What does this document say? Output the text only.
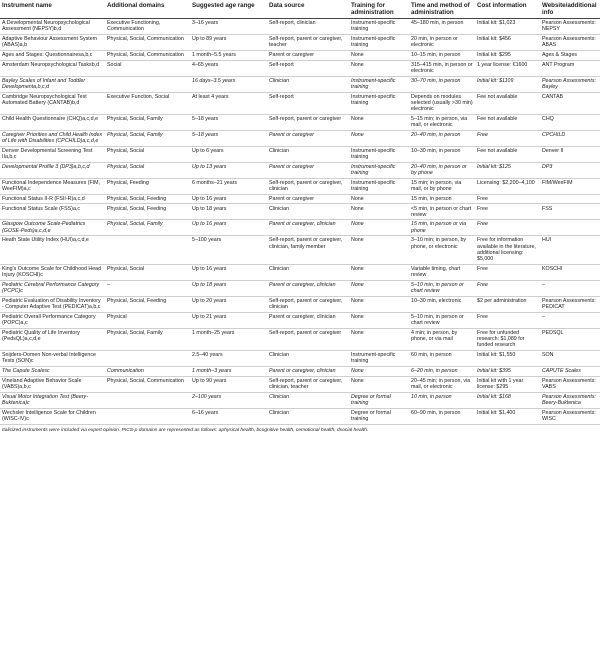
Instrument name	Additional domains	Suggested age range	Data source	Training for administration	Time and method of administration	Cost information	Website/additional info
A Developmental Neuropsychological Assessment (NEPSY)b,d	Executive Functioning, Communication	3–16 years	Self-report, clinician	Instrument-specific training	45–180 min, in person	Initial kit: $1,023	Pearson Assessments: NEPSY
Adaptive Behaviour Assessment System (ABAS)a,b	Physical, Social, Communication	Up to 89 years	Self-report, parent or caregiver, teacher	Instrument-specific training	20 min, in person or electronic	Initial kit: $456	Pearson Assessments: ABAS
Ages and Stages: Questionnairesa,b,c	Physical, Social, Communication	1 month–5.5 years	Parent or caregiver	None	10–15 min, in person	Initial kit: $295	Ages & Stages
Amsterdam Neuropsychological Tasksb,d	Social	4–65 years	Self-report	None	315–415 min, in person or electronic	1 year license: €1600	ANT Program
Bayley Scales of Infant and Toddler Developmenta,b,c,d		16 days–3.5 years	Clinician	Instrument-specific training	30–70 min, in person	Initial kit: $1109	Pearson Assessments: Bayley
Cambridge Neuropsychological Test Automated Battery (CANTAB)b,d	Executive Function, Social	At least 4 years	Self-report	Instrument-specific training	Depends on modules selected (usually >30 min) electronic	Fee not available	CANTAB
Child Health Questionnaire (CHQ)a,c,d,e	Physical, Social, Family	5–18 years	Self-report, parent or caregiver	None	5–15 min; in person, via mail, or electronic	Fee not available	CHQ
Caregiver Priorities and Child Health Index of Life with Disabilities (CPCHILD)a,c,d,e	Physical, Social, Family	5–18 years	Parent or caregiver	None	20–40 min, in person	Free	CPCHILD
Denver Developmental Screening Test IIa,b,c	Physical, Social	Up to 6 years	Clinician	Instrument-specific training	10–30 min, in person	Fee not available	Denver II
Developmental Profile 3 (DP3)a,b,c,d	Physical, Social	Up to 13 years	Parent or caregiver	Instrument-specific training	20–40 min, in person or by phone	Initial kit: $125	DP3
Functional Independence Measures (FIM, WeeFIM)a,c	Physical, Feeding	6 months–21 years	Self-report, parent or caregiver, clinician	Instrument-specific training	15 min; in person, via mail, or by phone	Licensing: $2,200–4,100	FIM/WeeFIM
Functional Status II-R (FSII-R)a,c,d	Physical, Social, Feeding	Up to 16 years	Parent or caregiver	None	15 min, in person	Free	
Functional Status Scale (FSS)a,c	Physical, Social, Feeding	Up to 18 years	Clinician	None	<5 min, in person or chart review	Free	FSS
Glasgow Outcome Scale-Pediatrics (GOSE-Peds)a,c,d,e	Physical, Social, Family	Up to 16 years	Parent or caregiver, clinician	None	15 min, in person or via phone	Free	
Heath State Utility Index (HUI)a,c,d,e		5–100 years	Self-report, parent or caregiver, clinician, family member	None	3–10 min; in person, by phone, or electronic	Free for information available in the literature, additional licensing: $5,000	HUI
King's Outcome Scale for Childhood Head Injury (KOSCHI)c	Physical, Social	Up to 16 years	Clinician	None	Variable timing, chart review	Free	KOSCHI
Pediatric Cerebral Performance Category (PCPC)c	–	Up to 18 years	Parent or caregiver, clinician	None	5–10 min, in person or chart review	Free	–
Pediatric Evaluation of Disability Inventory - Computer Adaptive Test (PEDICAT)a,b,c	Physical, Social, Feeding	Up to 20 years	Self-report, parent or caregiver, clinician	None	10–30 min, electronic	$2 per administration	Pearson Assessments: PEDICAT
Pediatric Overall Performance Category (POPC)a,c	Physical	Up to 21 years	Parent or caregiver, clinician	None	5–10 min, in person or chart review	Free	–
Pediatric Quality of Life Inventory (PedsQL)a,c,d,e	Physical, Social, Family	1 month–25 years	Self-report, parent or caregiver	None	4 min; in person, by phone, or via mail	Free for unfunded research: $1,089 for funded research	PEDSQL
Snijders-Oomen Non-verbal Intelligence Tests (SON)c		2.5–40 years	Clinician	Instrument-specific training	60 min, in person	Initial kit: $1,550	SON
The Capute Scalesc	Communication	1 month–3 years	Parent or caregiver, clinician	None	6–20 min, in person	Initial kit: $395	CAPUTE Scales
Vineland Adaptive Behavior Scale (VABS)a,b,c	Physical, Social, Communication	Up to 90 years	Self-report, parent or caregiver, clinician, teacher	None	20–45 min; in person, via mail, or electronic	Initial kit with 1 year license: $295	Pearson Assessments: VABS
Visual Motor Integration Test (Beery-Buktenica)c		2–100 years	Clinician	Degree or formal training	10 min, in person	Initial kit: $168	Pearson Assessments: Beery-Buktenica
Wechsler Intelligence Scale for Children (WISC-IV)c		6–16 years	Clinician	Degree or formal training	60–90 min, in person	Initial kit: $1,400	Pearson Assessments: WISC
Italicized instruments were included via expert opinion. PICS-p domains are represented as follows: aphysical health, bcognitive health, cemotional health, dsocial health.
